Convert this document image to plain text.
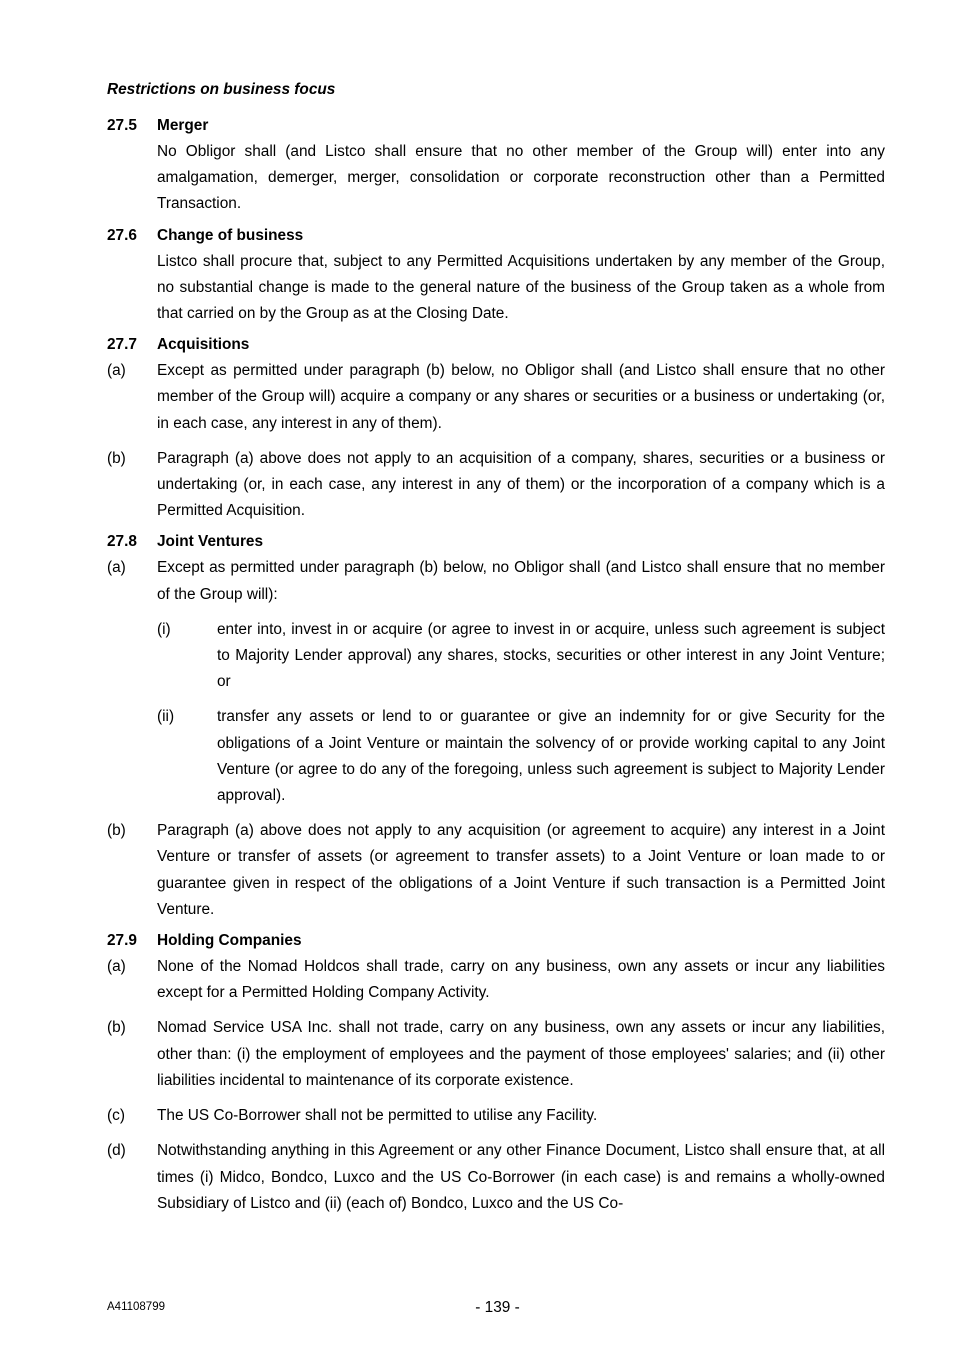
Restrictions on business focus
27.5	Merger

No Obligor shall (and Listco shall ensure that no other member of the Group will) enter into any amalgamation, demerger, merger, consolidation or corporate reconstruction other than a Permitted Transaction.

27.6	Change of business

Listco shall procure that, subject to any Permitted Acquisitions undertaken by any member of the Group, no substantial change is made to the general nature of the business of the Group taken as a whole from that carried on by the Group as at the Closing Date.

27.7	Acquisitions
(a)	Except as permitted under paragraph (b) below, no Obligor shall (and Listco shall ensure that no other member of the Group will) acquire a company or any shares or securities or a business or undertaking (or, in each case, any interest in any of them).
(b)	Paragraph (a) above does not apply to an acquisition of a company, shares, securities or a business or undertaking (or, in each case, any interest in any of them) or the incorporation of a company which is a Permitted Acquisition.
27.8	Joint Ventures
(a)	Except as permitted under paragraph (b) below, no Obligor shall (and Listco shall ensure that no member of the Group will):
(i)	enter into, invest in or acquire (or agree to invest in or acquire, unless such agreement is subject to Majority Lender approval) any shares, stocks, securities or other interest in any Joint Venture; or
(ii)	transfer any assets or lend to or guarantee or give an indemnity for or give Security for the obligations of a Joint Venture or maintain the solvency of or provide working capital to any Joint Venture (or agree to do any of the foregoing, unless such agreement is subject to Majority Lender approval).
(b)	Paragraph (a) above does not apply to any acquisition (or agreement to acquire) any interest in a Joint Venture or transfer of assets (or agreement to transfer assets) to a Joint Venture or loan made to or guarantee given in respect of the obligations of a Joint Venture if such transaction is a Permitted Joint Venture.
27.9	Holding Companies
(a)	None of the Nomad Holdcos shall trade, carry on any business, own any assets or incur any liabilities except for a Permitted Holding Company Activity.
(b)	Nomad Service USA Inc. shall not trade, carry on any business, own any assets or incur any liabilities, other than: (i) the employment of employees and the payment of those employees' salaries; and (ii) other liabilities incidental to maintenance of its corporate existence.
(c)	The US Co-Borrower shall not be permitted to utilise any Facility.
(d)	Notwithstanding anything in this Agreement or any other Finance Document, Listco shall ensure that, at all times (i) Midco, Bondco, Luxco and the US Co-Borrower (in each case) is and remains a wholly-owned Subsidiary of Listco and (ii) (each of) Bondco, Luxco and the US Co-
A41108799	- 139 -
